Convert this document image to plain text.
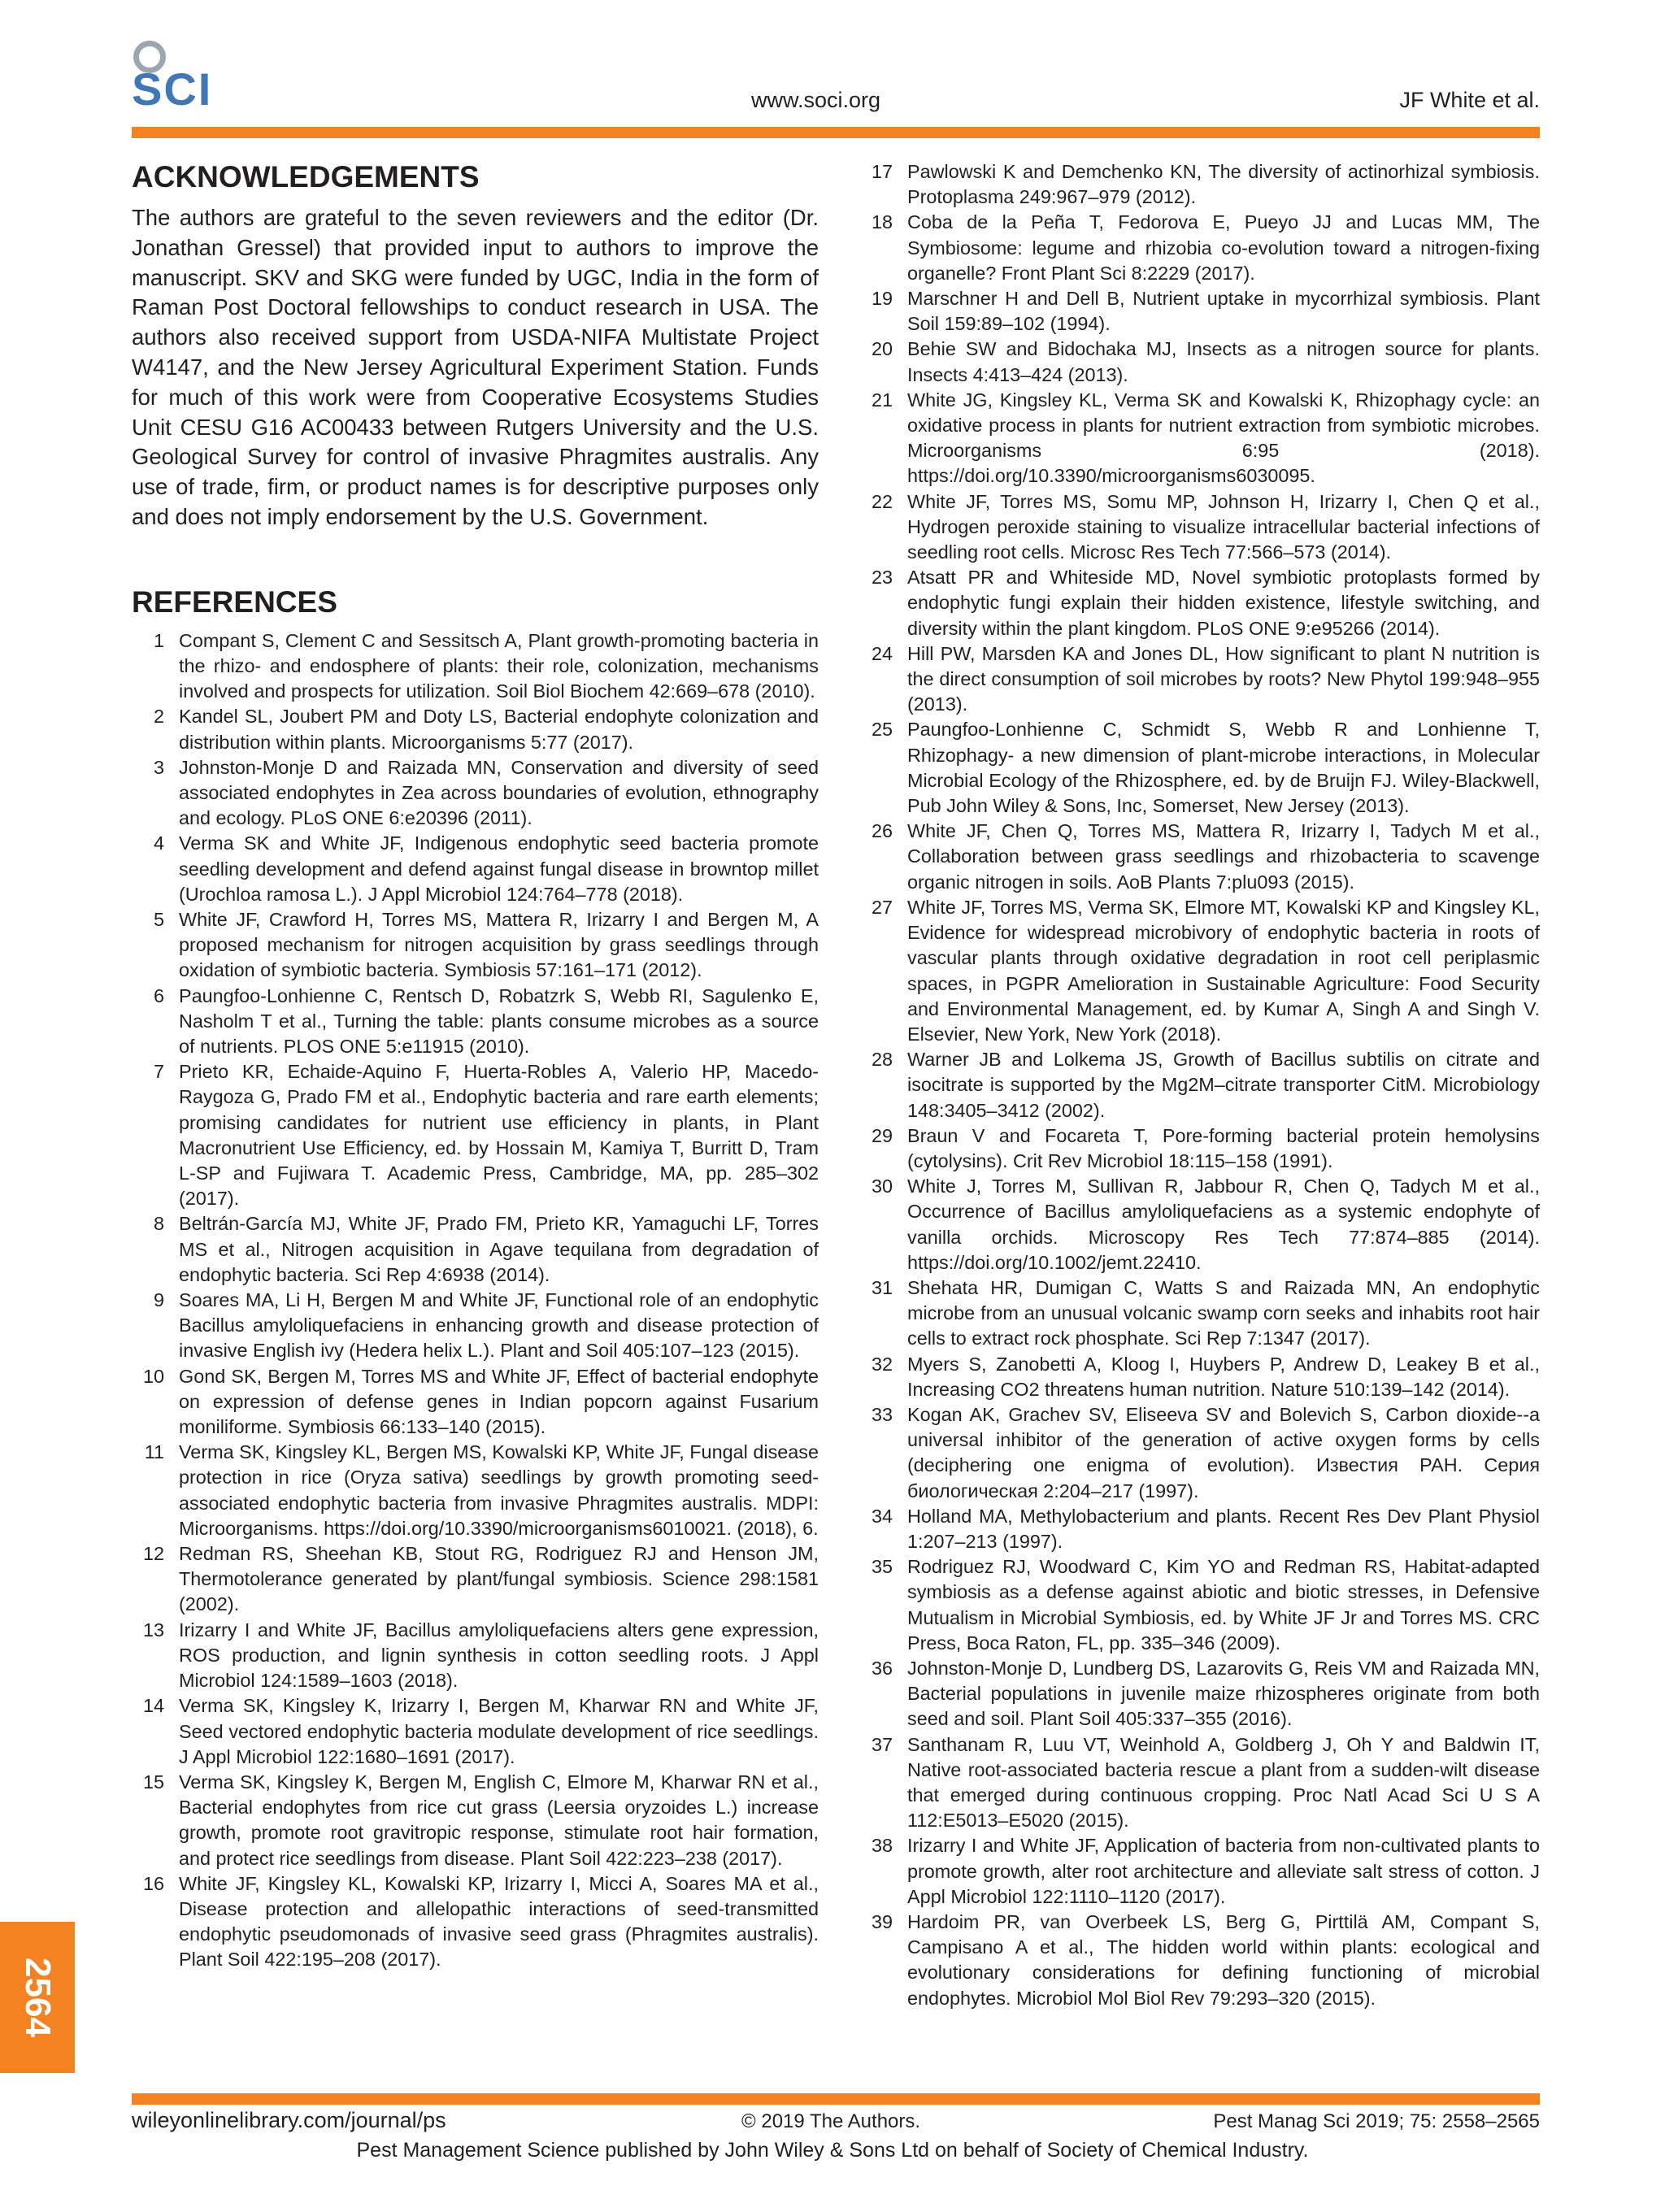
SCI	www.soci.org	JF White et al.
ACKNOWLEDGEMENTS

The authors are grateful to the seven reviewers and the editor (Dr. Jonathan Gressel) that provided input to authors to improve the manuscript. SKV and SKG were funded by UGC, India in the form of Raman Post Doctoral fellowships to conduct research in USA. The authors also received support from USDA-NIFA Multistate Project W4147, and the New Jersey Agricultural Experiment Station. Funds for much of this work were from Cooperative Ecosystems Studies Unit CESU G16 AC00433 between Rutgers University and the U.S. Geological Survey for control of invasive Phragmites australis. Any use of trade, firm, or product names is for descriptive purposes only and does not imply endorsement by the U.S. Government.

REFERENCES
1 Compant S, Clement C and Sessitsch A, Plant growth-promoting bacteria in the rhizo- and endosphere of plants: their role, colonization, mechanisms involved and prospects for utilization. Soil Biol Biochem 42:669–678 (2010).
2 Kandel SL, Joubert PM and Doty LS, Bacterial endophyte colonization and distribution within plants. Microorganisms 5:77 (2017).
3 Johnston-Monje D and Raizada MN, Conservation and diversity of seed associated endophytes in Zea across boundaries of evolution, ethnography and ecology. PLoS ONE 6:e20396 (2011).
4 Verma SK and White JF, Indigenous endophytic seed bacteria promote seedling development and defend against fungal disease in browntop millet (Urochloa ramosa L.). J Appl Microbiol 124:764–778 (2018).
5 White JF, Crawford H, Torres MS, Mattera R, Irizarry I and Bergen M, A proposed mechanism for nitrogen acquisition by grass seedlings through oxidation of symbiotic bacteria. Symbiosis 57:161–171 (2012).
6 Paungfoo-Lonhienne C, Rentsch D, Robatzrk S, Webb RI, Sagulenko E, Nasholm T et al., Turning the table: plants consume microbes as a source of nutrients. PLOS ONE 5:e11915 (2010).
7 Prieto KR, Echaide-Aquino F, Huerta-Robles A, Valerio HP, Macedo-Raygoza G, Prado FM et al., Endophytic bacteria and rare earth elements; promising candidates for nutrient use efficiency in plants, in Plant Macronutrient Use Efficiency, ed. by Hossain M, Kamiya T, Burritt D, Tram L-SP and Fujiwara T. Academic Press, Cambridge, MA, pp. 285–302 (2017).
8 Beltrán-García MJ, White JF, Prado FM, Prieto KR, Yamaguchi LF, Torres MS et al., Nitrogen acquisition in Agave tequilana from degradation of endophytic bacteria. Sci Rep 4:6938 (2014).
9 Soares MA, Li H, Bergen M and White JF, Functional role of an endophytic Bacillus amyloliquefaciens in enhancing growth and disease protection of invasive English ivy (Hedera helix L.). Plant and Soil 405:107–123 (2015).
10 Gond SK, Bergen M, Torres MS and White JF, Effect of bacterial endophyte on expression of defense genes in Indian popcorn against Fusarium moniliforme. Symbiosis 66:133–140 (2015).
11 Verma SK, Kingsley KL, Bergen MS, Kowalski KP, White JF, Fungal disease protection in rice (Oryza sativa) seedlings by growth promoting seed-associated endophytic bacteria from invasive Phragmites australis. MDPI: Microorganisms. https://doi.org/10.3390/microorganisms6010021. (2018), 6.
12 Redman RS, Sheehan KB, Stout RG, Rodriguez RJ and Henson JM, Thermotolerance generated by plant/fungal symbiosis. Science 298:1581 (2002).
13 Irizarry I and White JF, Bacillus amyloliquefaciens alters gene expression, ROS production, and lignin synthesis in cotton seedling roots. J Appl Microbiol 124:1589–1603 (2018).
14 Verma SK, Kingsley K, Irizarry I, Bergen M, Kharwar RN and White JF, Seed vectored endophytic bacteria modulate development of rice seedlings. J Appl Microbiol 122:1680–1691 (2017).
15 Verma SK, Kingsley K, Bergen M, English C, Elmore M, Kharwar RN et al., Bacterial endophytes from rice cut grass (Leersia oryzoides L.) increase growth, promote root gravitropic response, stimulate root hair formation, and protect rice seedlings from disease. Plant Soil 422:223–238 (2017).
16 White JF, Kingsley KL, Kowalski KP, Irizarry I, Micci A, Soares MA et al., Disease protection and allelopathic interactions of seed-transmitted endophytic pseudomonads of invasive seed grass (Phragmites australis). Plant Soil 422:195–208 (2017).
17 Pawlowski K and Demchenko KN, The diversity of actinorhizal symbiosis. Protoplasma 249:967–979 (2012).
18 Coba de la Peña T, Fedorova E, Pueyo JJ and Lucas MM, The Symbiosome: legume and rhizobia co-evolution toward a nitrogen-fixing organelle? Front Plant Sci 8:2229 (2017).
19 Marschner H and Dell B, Nutrient uptake in mycorrhizal symbiosis. Plant Soil 159:89–102 (1994).
20 Behie SW and Bidochaka MJ, Insects as a nitrogen source for plants. Insects 4:413–424 (2013).
21 White JG, Kingsley KL, Verma SK and Kowalski K, Rhizophagy cycle: an oxidative process in plants for nutrient extraction from symbiotic microbes. Microorganisms 6:95 (2018). https://doi.org/10.3390/microorganisms6030095.
22 White JF, Torres MS, Somu MP, Johnson H, Irizarry I, Chen Q et al., Hydrogen peroxide staining to visualize intracellular bacterial infections of seedling root cells. Microsc Res Tech 77:566–573 (2014).
23 Atsatt PR and Whiteside MD, Novel symbiotic protoplasts formed by endophytic fungi explain their hidden existence, lifestyle switching, and diversity within the plant kingdom. PLoS ONE 9:e95266 (2014).
24 Hill PW, Marsden KA and Jones DL, How significant to plant N nutrition is the direct consumption of soil microbes by roots? New Phytol 199:948–955 (2013).
25 Paungfoo-Lonhienne C, Schmidt S, Webb R and Lonhienne T, Rhizophagy- a new dimension of plant-microbe interactions, in Molecular Microbial Ecology of the Rhizosphere, ed. by de Bruijn FJ. Wiley-Blackwell, Pub John Wiley & Sons, Inc, Somerset, New Jersey (2013).
26 White JF, Chen Q, Torres MS, Mattera R, Irizarry I, Tadych M et al., Collaboration between grass seedlings and rhizobacteria to scavenge organic nitrogen in soils. AoB Plants 7:plu093 (2015).
27 White JF, Torres MS, Verma SK, Elmore MT, Kowalski KP and Kingsley KL, Evidence for widespread microbivory of endophytic bacteria in roots of vascular plants through oxidative degradation in root cell periplasmic spaces, in PGPR Amelioration in Sustainable Agriculture: Food Security and Environmental Management, ed. by Kumar A, Singh A and Singh V. Elsevier, New York, New York (2018).
28 Warner JB and Lolkema JS, Growth of Bacillus subtilis on citrate and isocitrate is supported by the Mg2M–citrate transporter CitM. Microbiology 148:3405–3412 (2002).
29 Braun V and Focareta T, Pore-forming bacterial protein hemolysins (cytolysins). Crit Rev Microbiol 18:115–158 (1991).
30 White J, Torres M, Sullivan R, Jabbour R, Chen Q, Tadych M et al., Occurrence of Bacillus amyloliquefaciens as a systemic endophyte of vanilla orchids. Microscopy Res Tech 77:874–885 (2014). https://doi.org/10.1002/jemt.22410.
31 Shehata HR, Dumigan C, Watts S and Raizada MN, An endophytic microbe from an unusual volcanic swamp corn seeks and inhabits root hair cells to extract rock phosphate. Sci Rep 7:1347 (2017).
32 Myers S, Zanobetti A, Kloog I, Huybers P, Andrew D, Leakey B et al., Increasing CO2 threatens human nutrition. Nature 510:139–142 (2014).
33 Kogan AK, Grachev SV, Eliseeva SV and Bolevich S, Carbon dioxide--a universal inhibitor of the generation of active oxygen forms by cells (deciphering one enigma of evolution). Известия РАН. Серия биологическая 2:204–217 (1997).
34 Holland MA, Methylobacterium and plants. Recent Res Dev Plant Physiol 1:207–213 (1997).
35 Rodriguez RJ, Woodward C, Kim YO and Redman RS, Habitat-adapted symbiosis as a defense against abiotic and biotic stresses, in Defensive Mutualism in Microbial Symbiosis, ed. by White JF Jr and Torres MS. CRC Press, Boca Raton, FL, pp. 335–346 (2009).
36 Johnston-Monje D, Lundberg DS, Lazarovits G, Reis VM and Raizada MN, Bacterial populations in juvenile maize rhizospheres originate from both seed and soil. Plant Soil 405:337–355 (2016).
37 Santhanam R, Luu VT, Weinhold A, Goldberg J, Oh Y and Baldwin IT, Native root-associated bacteria rescue a plant from a sudden-wilt disease that emerged during continuous cropping. Proc Natl Acad Sci U S A 112:E5013–E5020 (2015).
38 Irizarry I and White JF, Application of bacteria from non-cultivated plants to promote growth, alter root architecture and alleviate salt stress of cotton. J Appl Microbiol 122:1110–1120 (2017).
39 Hardoim PR, van Overbeek LS, Berg G, Pirttilä AM, Compant S, Campisano A et al., The hidden world within plants: ecological and evolutionary considerations for defining functioning of microbial endophytes. Microbiol Mol Biol Rev 79:293–320 (2015).
2564
wileyonlinelibrary.com/journal/ps	© 2019 The Authors.	Pest Manag Sci 2019; 75: 2558–2565
Pest Management Science published by John Wiley & Sons Ltd on behalf of Society of Chemical Industry.
